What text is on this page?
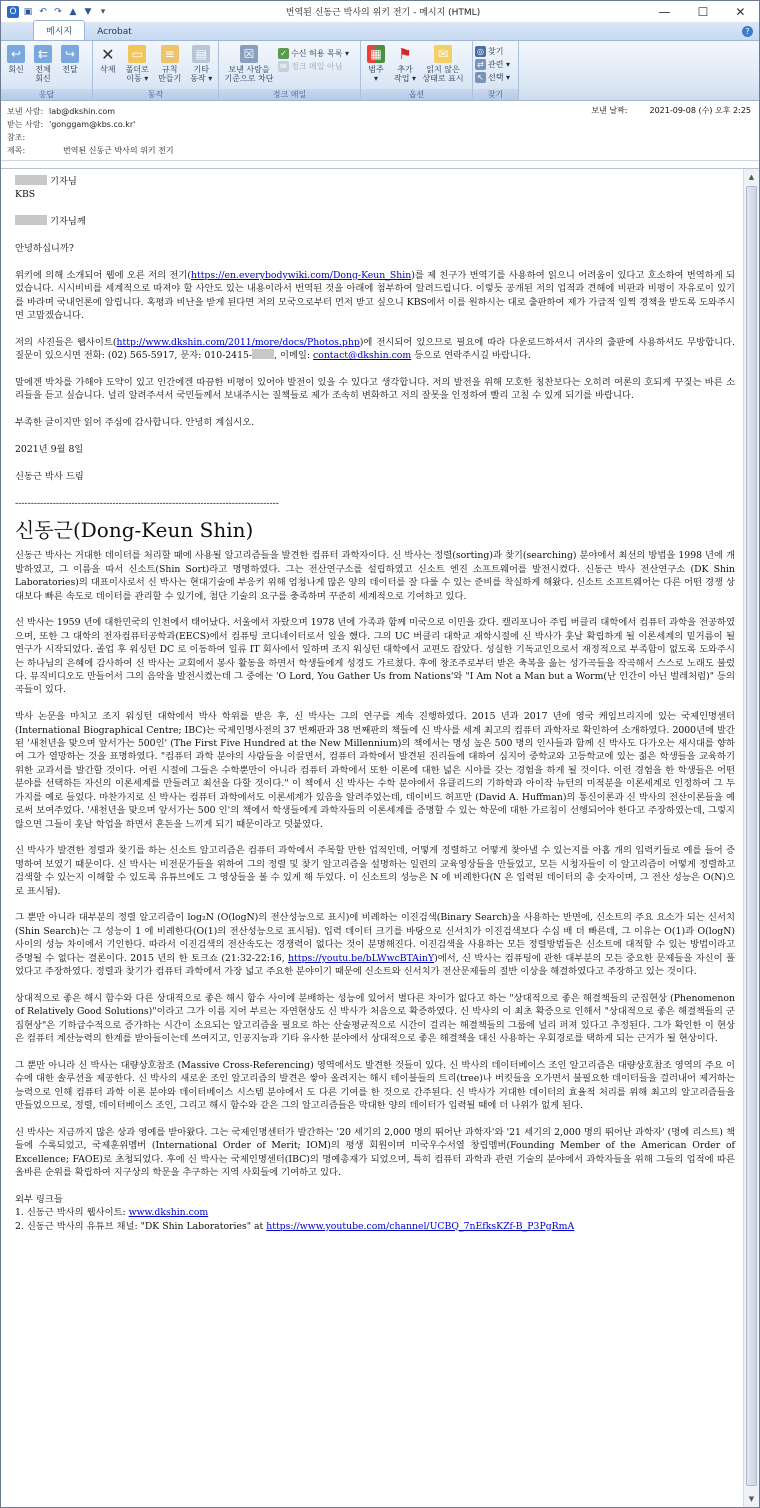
O ▣ ↶ ↷ ▲ ▼	▾	번역된 신동근 박사의 위키 전기 - 메시지 (HTML)	— ☐ ✕
메시지	Acrobat	?
↩
회신
⇇
전체
회신
↪
전달
응답
✕
삭제
▭
폴더로
이동 ▾
≡
규칙
만들기
▤
기타
동작 ▾
동작
☒
보낸 사람을
기준으로 차단
✓ 수신 허용 목록 ▾
✉ 정크 메일 아님
정크 메일
▦
범주
▾
⚑
추가
작업 ▾
✉
읽지 않은
상태로 표시
옵션
◎ 찾기
⇄ 관련 ▾
↖ 선택 ▾
찾기
보낸 사람: lab@dkshin.com
받는 사람: 'gonggam@kbs.co.kr'
참조:
제목:	번역된 신동근 박사의 위키 전기
보낸 날짜:	2021-09-08 (수) 오후 2:25

기자님

KBS

기자님께

안녕하십니까?

위키에 의해 소개되어 웹에 오른 저의 전기(https://en.everybodywiki.com/Dong-Keun_Shin)를 제 친구가 번역기를 사용하여 읽으니 어려움이 있다고 호소하여 번역하게 되었습니다. 시시비비를 세계적으로 따져야 할 사안도 있는 내용이라서 번역된 것을 아래에 첨부하여 알려드립니다. 이렇듯 공개된 저의 업적과 견해에 비판과 비평이 자유로이 있기를 바라며 국내언론에 알립니다. 혹평과 비난을 받게 된다면 저의 모국으로부터 먼저 받고 싶으니 KBS에서 이를 원하시는 대로 출판하여 제가 가급적 일찍 경책을 받도록 도와주시면 고맙겠습니다.

저의 사진들은 웹사이트(http://www.dkshin.com/2011/more/docs/Photos.php)에 전시되어 있으므로 필요에 따라 다운로드하셔서 귀사의 출판에 사용하셔도 무방합니다. 질문이 있으시면 전화: (02) 565-5917, 문자: 010-2415- , 이메일: contact@dkshin.com 등으로 연락주시길 바랍니다.

말에겐 박차를 가해야 도약이 있고 인간에겐 따끔한 비평이 있어야 발전이 있을 수 있다고 생각합니다. 저의 발전을 위해 모호한 칭찬보다는 오히려 여론의 호되게 꾸짖는 바른 소리들을 듣고 싶습니다. 널리 알려주셔서 국민들께서 보내주시는 질책들로 제가 조속히 변화하고 저의 잘못을 인정하여 빨리 고칠 수 있게 되기를 바랍니다.

부족한 글이지만 읽어 주심에 감사합니다. 안녕히 계십시오.

2021년 9월 8일

신동근 박사 드림

------------------------------------------------------------------------------------
신동근(Dong-Keun Shin)

신동근 박사는 거대한 데이터를 처리할 때에 사용될 알고리즘들을 발견한 컴퓨터 과학자이다. 신 박사는 정렬(sorting)과 찾기(searching) 분야에서 최선의 방법을 1998 년에 개발하였고, 그 이름을 따서 신소트(Shin Sort)라고 명명하였다. 그는 전산연구소를 설립하였고 신소트 엔진 소프트웨어를 발전시켰다. 신동근 박사 전산연구소 (DK Shin Laboratories)의 대표이사로서 신 박사는 현대기술에 부응키 위해 엄청나게 많은 양의 데이터를 잘 다룰 수 있는 준비를 착실하게 해왔다. 신소트 소프트웨어는 다른 어떤 경쟁 상대보다 빠른 속도로 데이터를 관리할 수 있기에, 첨단 기술의 요구를 충족하며 꾸준히 세계적으로 기여하고 있다.

신 박사는 1959 년에 대한민국의 인천에서 태어났다. 서울에서 자랐으며 1978 년에 가족과 함께 미국으로 이민을 갔다. 캘리포니아 주립 버클리 대학에서 컴퓨터 과학을 전공하였으며, 또한 그 대학의 전자컴퓨터공학과(EECS)에서 컴퓨팅 코디네이터로서 일을 했다. 그의 UC 버클리 대학교 재학시절에 신 박사가 훗날 확립하게 될 이론세계의 밑거름이 될 연구가 시작되었다. 졸업 후 워싱턴 DC 로 이동하여 일류 IT 회사에서 일하며 조지 워싱턴 대학에서 교편도 잡았다. 성실한 기독교인으로서 재정적으로 부족함이 없도록 도와주시는 하나님의 은혜에 감사하여 신 박사는 교회에서 봉사 활동을 하면서 학생들에게 성경도 가르쳤다. 후에 창조주로부터 받은 축복을 읊는 성가곡들을 작곡해서 스스로 노래도 불렀다. 뮤직비디오도 만들어서 그의 음악을 발전시켰는데 그 중에는 'O Lord, You Gather Us from Nations'와 "I Am Not a Man but a Worm(난 인간이 아닌 벌레처럼)" 등의 곡들이 있다.

박사 논문을 마치고 조지 워싱턴 대학에서 박사 학위를 받은 후, 신 박사는 그의 연구를 계속 진행하였다. 2015 년과 2017 년에 영국 케임브리지에 있는 국제인명센터 (International Biographical Centre; IBC)는 국제인명사전의 37 번째판과 38 번째판의 책들에 신 박사를 세계 최고의 컴퓨터 과학자로 확인하여 소개하였다. 2000년에 발간된 '새천년을 맞으며 앞서가는 500인' (The First Five Hundred at the New Millennium)의 책에서는 명성 높은 500 명의 인사들과 함께 신 박사도 다가오는 새시대를 향하여 그가 열망하는 것을 표명하였다. "컴퓨터 과학 분야의 사람들을 이끌면서, 컴퓨터 과학에서 발견된 진리들에 대하여 심지어 중학교와 고등학교에 있는 젊은 학생들을 교육하기 위한 교과서를 발간할 것이다. 어린 시절에 그들은 수학뿐만이 아니라 컴퓨터 과학에서 또한 이론에 대한 넓은 시야를 갖는 경험을 하게 될 것이다. 이런 경험을 한 학생들은 어떤 분야를 선택하든 자신의 이론세계를 만들려고 최선을 다할 것이다." 이 책에서 신 박사는 수학 분야에서 유클리드의 기하학과 아이작 뉴턴의 미적분을 이론세계로 인정하여 그 두 가지를 예로 들었다. 마찬가지로 신 박사는 컴퓨터 과학에서도 이론세계가 있음을 알려주었는데, 데이비드 허프만 (David A. Huffman)의 통신이론과 신 박사의 전산이론들을 예로써 보여주었다. '새천년을 맞으며 앞서가는 500 인'의 책에서 학생들에게 과학자들의 이론세계를 증명할 수 있는 학문에 대한 가르침이 선행되어야 한다고 주장하였는데, 그렇지 않으면 그들이 훗날 학업을 하면서 혼돈을 느끼게 되기 때문이라고 덧붙였다.

신 박사가 발견한 정렬과 찾기를 하는 신소트 알고리즘은 컴퓨터 과학에서 주목할 만한 업적인데, 어떻게 정렬하고 어떻게 찾아낼 수 있는지를 아홉 개의 입력키들로 예를 들어 증명하여 보였기 때문이다. 신 박사는 비전문가들을 위하여 그의 정렬 및 찾기 알고리즘을 설명하는 일련의 교육영상들을 만들었고, 모든 시청자들이 이 알고리즘이 어떻게 정렬하고 검색할 수 있는지 이해할 수 있도록 유튜브에도 그 영상들을 볼 수 있게 해 두었다. 이 신소트의 성능은 N 에 비례한다(N 은 입력된 데이터의 총 숫자이며, 그 전산 성능은 O(N)으로 표시됨).

그 뿐만 아니라 대부분의 정렬 알고리즘이 log₂N (O(logN)의 전산성능으로 표시)에 비례하는 이진검색(Binary Search)을 사용하는 반면에, 신소트의 주요 요소가 되는 신서치(Shin Search)는 그 성능이 1 에 비례한다(O(1)의 전산성능으로 표시됨). 입력 데이터 크기를 바탕으로 신서치가 이진검색보다 수십 배 더 빠른데, 그 이유는 O(1)과 O(logN) 사이의 성능 차이에서 기인한다. 따라서 이진검색의 전산속도는 경쟁력이 없다는 것이 분명해진다. 이진검색을 사용하는 모든 정렬방법들은 신소트에 대적할 수 있는 방법이라고 증명될 수 없다는 결론이다. 2015 년의 한 토크쇼 (21:32-22:16, https://youtu.be/bLWwcBTAinY)에서, 신 박사는 컴퓨팅에 관한 대부분의 모든 중요한 문제들을 자신이 풀었다고 주장하였다. 정렬과 찾기가 컴퓨터 과학에서 가장 넓고 주요한 분야이기 때문에 신소트와 신서치가 전산문제들의 절반 이상을 해결하였다고 주장하고 있는 것이다.

상대적으로 좋은 해시 함수와 다른 상대적으로 좋은 해시 함수 사이에 분배하는 성능에 있어서 별다른 차이가 없다고 하는 "상대적으로 좋은 해결책들의 군집현상 (Phenomenon of Relatively Good Solutions)"이라고 그가 이름 지어 부르는 자연현상도 신 박사가 처음으로 확증하였다. 신 박사의 이 최초 확증으로 인해서 "상대적으로 좋은 해결책들의 군집현상"은 기하급수적으로 증가하는 시간이 소요되는 알고리즘을 필요로 하는 산술평균적으로 시간이 걸리는 해결책들의 그룹에 널리 퍼져 있다고 추정된다. 그가 확인한 이 현상은 컴퓨터 계산능력의 한계를 받아들이는데 쓰여지고, 인공지능과 기타 유사한 분야에서 상대적으로 좋은 해결책을 대신 사용하는 우회경로를 택하게 되는 근거가 될 현상이다.

그 뿐만 아니라 신 박사는 대량상호참조 (Massive Cross-Referencing) 영역에서도 발견한 것들이 있다. 신 박사의 데이터베이스 조인 알고리즘은 대량상호참조 영역의 주요 이슈에 대한 솔루션을 제공한다. 신 박사의 새로운 조인 알고리즘의 발견은 쌓아 올려지는 해시 테이블들의 트리(tree)나 버킷들을 오가면서 불필요한 데이터들을 걸러내어 제거하는 능력으로 인해 컴퓨터 과학 이론 분야와 데이터베이스 시스템 분야에서 도 다른 기여를 한 것으로 간주된다. 신 박사가 거대한 데이터의 효율적 처리를 위해 최고의 알고리즘들을 만들었으므로, 정렬, 데이터베이스 조인, 그리고 해시 함수와 같은 그의 알고리즘들은 막대한 양의 데이터가 입력될 때에 더 나위가 없게 된다.

신 박사는 지금까지 많은 상과 영예를 받아왔다. 그는 국제인명센터가 발간하는 '20 세기의 2,000 명의 뛰어난 과학자'와 '21 세기의 2,000 명의 뛰어난 과학자' (명예 리스트) 책들에 수록되었고, 국제훈위멤버 (International Order of Merit; IOM)의 평생 회원이며 미국우수서열 창립멤버(Founding Member of the American Order of Excellence; FAOE)로 초청되었다. 후에 신 박사는 국제인명센터(IBC)의 명예총재가 되었으며, 특히 컴퓨터 과학과 관련 기술의 분야에서 과학자들을 위해 그들의 업적에 따른 올바른 순위를 확립하여 지구상의 학문을 추구하는 지역 사회들에 기여하고 있다.

외부 링크들

1. 신동근 박사의 웹사이트: www.dkshin.com

2. 신동근 박사의 유튜브 채널: "DK Shin Laboratories" at https://www.youtube.com/channel/UCBQ_7nEfksKZf-B_P3PgRmA

▲
▼
